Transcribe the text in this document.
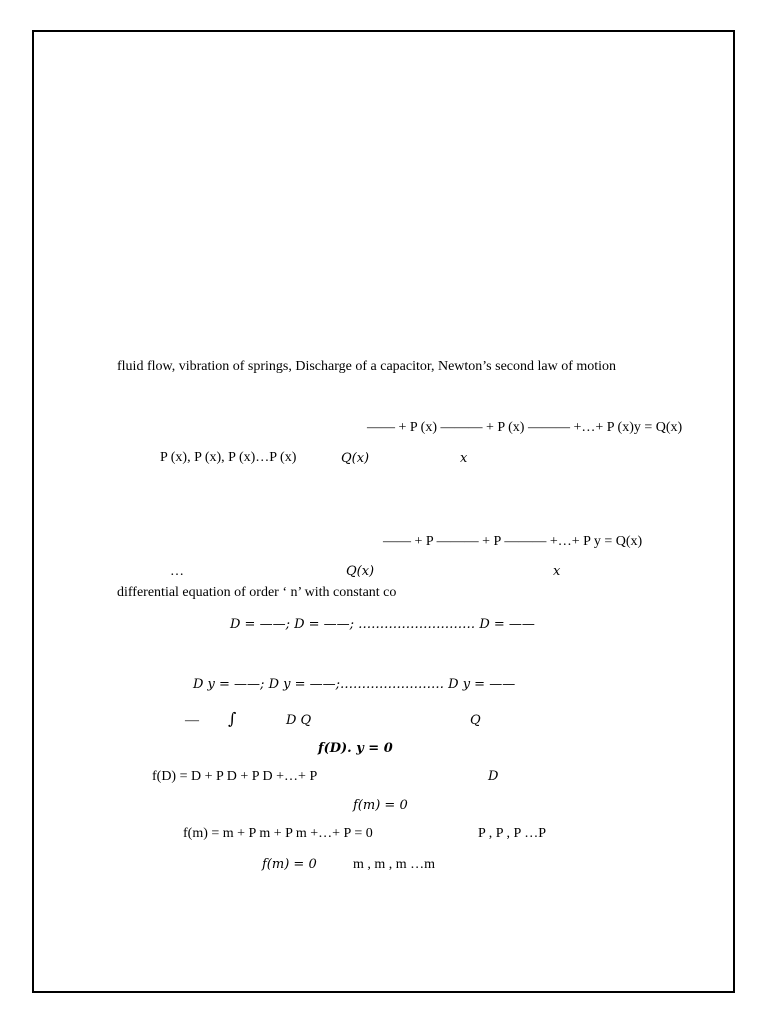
fluid flow, vibration of springs, Discharge of a capacitor, Newton’s second law of motion
—— + P (x) ——— + P (x) ——— +…+ P (x)y = Q(x)
P (x), P (x), P (x)…P (x)	Q(x)	x
—— + P ——— + P ——— +…+ P y = Q(x)
…	Q(x)	x
differential equation of order ‘ n’ with constant co
D = ——; D = ——; ……………………… D = ——
D y = ——; D y = ——;…………………… D y = ——
— ∫	D Q	Q
f(D). y = 0
f(D) = D + P D + P D +…+ P	D
f(m) = 0
f(m) = m + P m + P m +…+ P = 0	P , P , P …P
f(m) = 0	m , m , m …m
